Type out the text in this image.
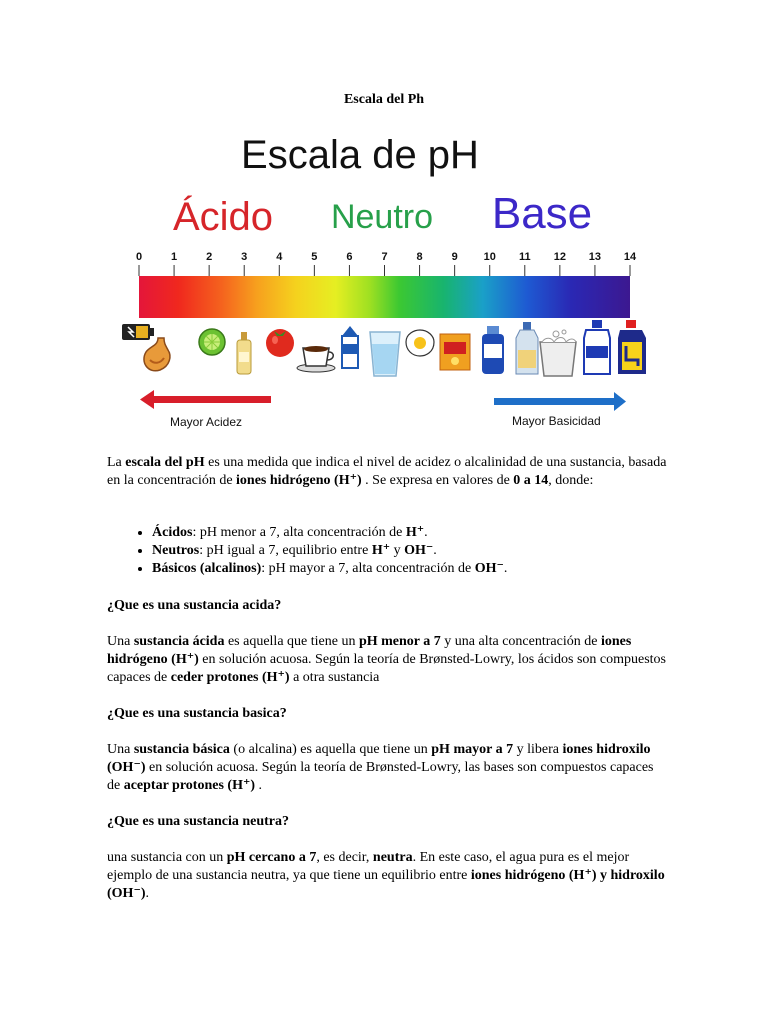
Escala del Ph
Escala de pH
Ácido Neutro Base
0	1	2	3	4	5	6	7	8	9 10 11 12 13 14
Mayor Acidez	Mayor Basicidad

La escala del pH es una medida que indica el nivel de acidez o alcalinidad de una sustancia, basada en la concentración de iones hidrógeno (H⁺) . Se expresa en valores de 0 a 14, donde:

• Ácidos: pH menor a 7, alta concentración de H⁺.
• Neutros: pH igual a 7, equilibrio entre H⁺ y OH⁻.
• Básicos (alcalinos): pH mayor a 7, alta concentración de OH⁻.
¿Que es una sustancia acida?

Una sustancia ácida es aquella que tiene un pH menor a 7 y una alta concentración de iones hidrógeno (H⁺) en solución acuosa. Según la teoría de Brønsted-Lowry, los ácidos son compuestos capaces de ceder protones (H⁺) a otra sustancia

¿Que es una sustancia basica?

Una sustancia básica (o alcalina) es aquella que tiene un pH mayor a 7 y libera iones hidroxilo (OH⁻) en solución acuosa. Según la teoría de Brønsted-Lowry, las bases son compuestos capaces de aceptar protones (H⁺) .

¿Que es una sustancia neutra?

una sustancia con un pH cercano a 7, es decir, neutra. En este caso, el agua pura es el mejor ejemplo de una sustancia neutra, ya que tiene un equilibrio entre iones hidrógeno (H⁺) y hidroxilo (OH⁻).
